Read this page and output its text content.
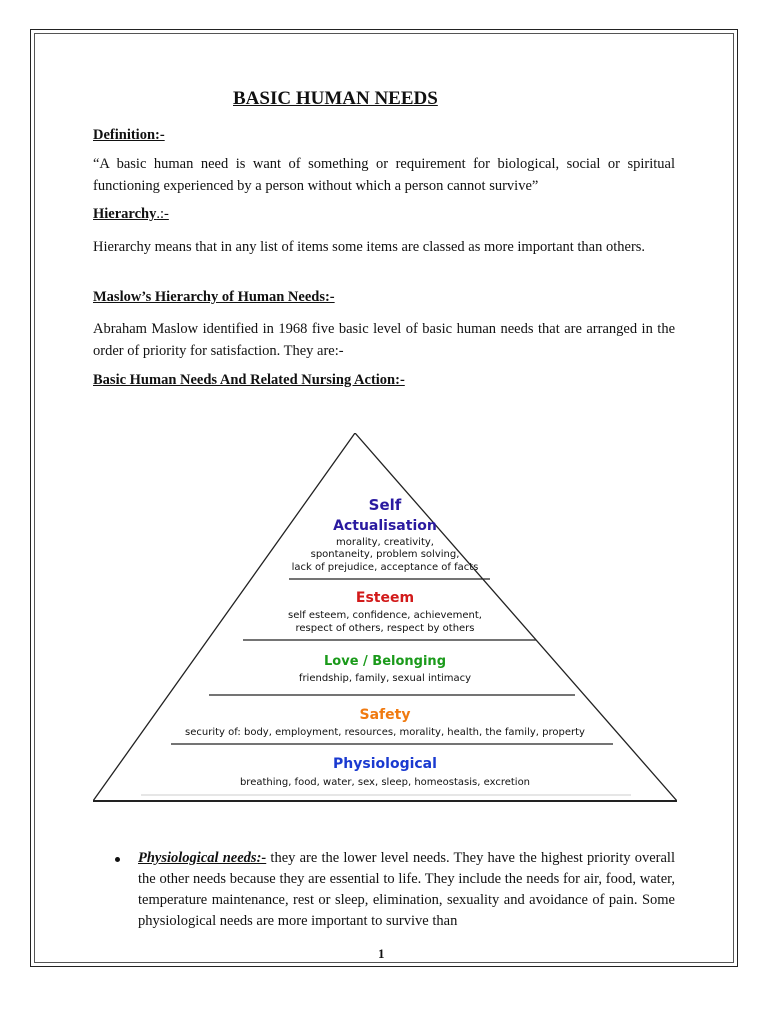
BASIC HUMAN NEEDS
Definition:-
“A basic human need is want of something or requirement for biological, social or spiritual functioning experienced by a person without which a person cannot survive”
Hierarchy.:-
Hierarchy means that in any list of items some items are classed as more important than others.
Maslow’s Hierarchy of Human Needs:-
Abraham Maslow identified in 1968 five basic level of basic human needs that are arranged in the order of priority for satisfaction. They are:-
Basic Human Needs And Related Nursing Action:-
Self
Actualisation
morality, creativity,
spontaneity, problem solving,
lack of prejudice, acceptance of facts
Esteem
self esteem, confidence, achievement,
respect of others, respect by others
Love / Belonging
friendship, family, sexual intimacy
Safety
security of: body, employment, resources, morality, health, the family, property
Physiological
breathing, food, water, sex, sleep, homeostasis, excretion
Physiological needs:- they are the lower level needs. They have the highest priority overall the other needs because they are essential to life. They include the needs for air, food, water, temperature maintenance, rest or sleep, elimination, sexuality and avoidance of pain. Some physiological needs are more important to survive than
1
